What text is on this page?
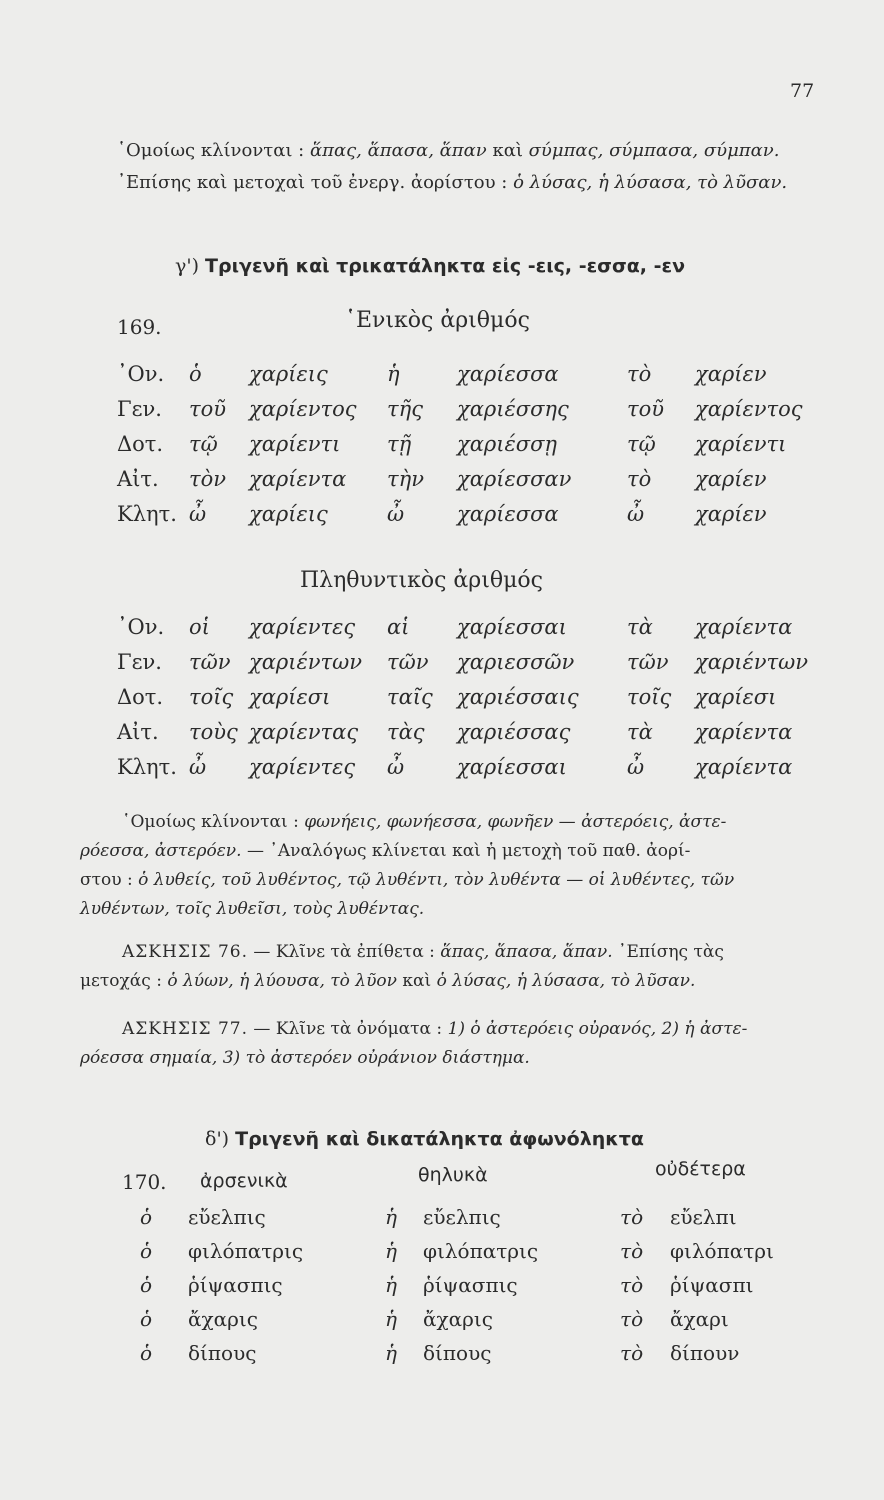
77
῾Ομοίως κλίνονται : ἅπας, ἅπασα, ἅπαν καὶ σύμπας, σύμπασα, σύμπαν.
᾿Επίσης καὶ μετοχαὶ τοῦ ἐνεργ. ἀορίστου : ὁ λύσας, ἡ λύσασα, τὸ λῦσαν.
γ') Τριγενῆ καὶ τρικατάληκτα εἰς -εις, -εσσα, -εν
169.	῾Ενικὸς ἀριθμός
᾿Ον. ὁ χαρίεις	ἡ	χαρίεσσα	τὸ χαρίεν
Γεν. τοῦ χαρίεντος τῆς χαριέσσης	τοῦ χαρίεντος
Δοτ. τῷ χαρίεντι τῇ χαριέσσῃ	τῷ χαρίεντι
Αἰτ. τὸν χαρίεντα τὴν χαρίεσσαν	τὸ χαρίεν
Κλητ. ὦ χαρίεις	ὦ	χαρίεσσα	ὦ χαρίεν
Πληθυντικὸς ἀριθμός
᾿Ον. οἱ χαρίεντες αἱ χαρίεσσαι	τὰ χαρίεντα
Γεν. τῶν χαριέντων τῶν χαριεσσῶν	τῶν χαριέντων
Δοτ. τοῖς χαρίεσι	ταῖς χαριέσσαις τοῖς χαρίεσι
Αἰτ. τοὺς χαρίεντας τὰς χαριέσσας	τὰ χαρίεντα
Κλητ. ὦ χαρίεντες ὦ	χαρίεσσαι	ὦ χαρίεντα
῾Ομοίως κλίνονται : φωνήεις, φωνήεσσα, φωνῆεν — ἀστερόεις, ἀστε-
ρόεσσα, ἀστερόεν. — ᾿Αναλόγως κλίνεται καὶ ἡ μετοχὴ τοῦ παθ. ἀορί-
στου : ὁ λυθείς, τοῦ λυθέντος, τῷ λυθέντι, τὸν λυθέντα — οἱ λυθέντες, τῶν
λυθέντων, τοῖς λυθεῖσι, τοὺς λυθέντας.
ΑΣΚΗΣΙΣ 76. — Κλῖνε τὰ ἐπίθετα : ἅπας, ἅπασα, ἅπαν. ᾿Επίσης τὰς
μετοχάς : ὁ λύων, ἡ λύουσα, τὸ λῦον καὶ ὁ λύσας, ἡ λύσασα, τὸ λῦσαν.
ΑΣΚΗΣΙΣ 77. — Κλῖνε τὰ ὀνόματα : 1) ὁ ἀστερόεις οὐρανός, 2) ἡ ἀστε-
ρόεσσα σημαία, 3) τὸ ἀστερόεν οὐράνιον διάστημα.
δ') Τριγενῆ καὶ δικατάληκτα ἀφωνόληκτα
170. ἀρσενικὰ	θηλυκὰ	οὐδέτερα
ὁ εὔελπις	ἡ εὔελπις	τὸ εὔελπι
ὁ φιλόπατρις	ἡ φιλόπατρις	τὸ φιλόπατρι
ὁ ῥίψασπις	ἡ ῥίψασπις	τὸ ῥίψασπι
ὁ ἄχαρις	ἡ ἄχαρις	τὸ ἄχαρι
ὁ δίπους	ἡ δίπους	τὸ δίπουν
